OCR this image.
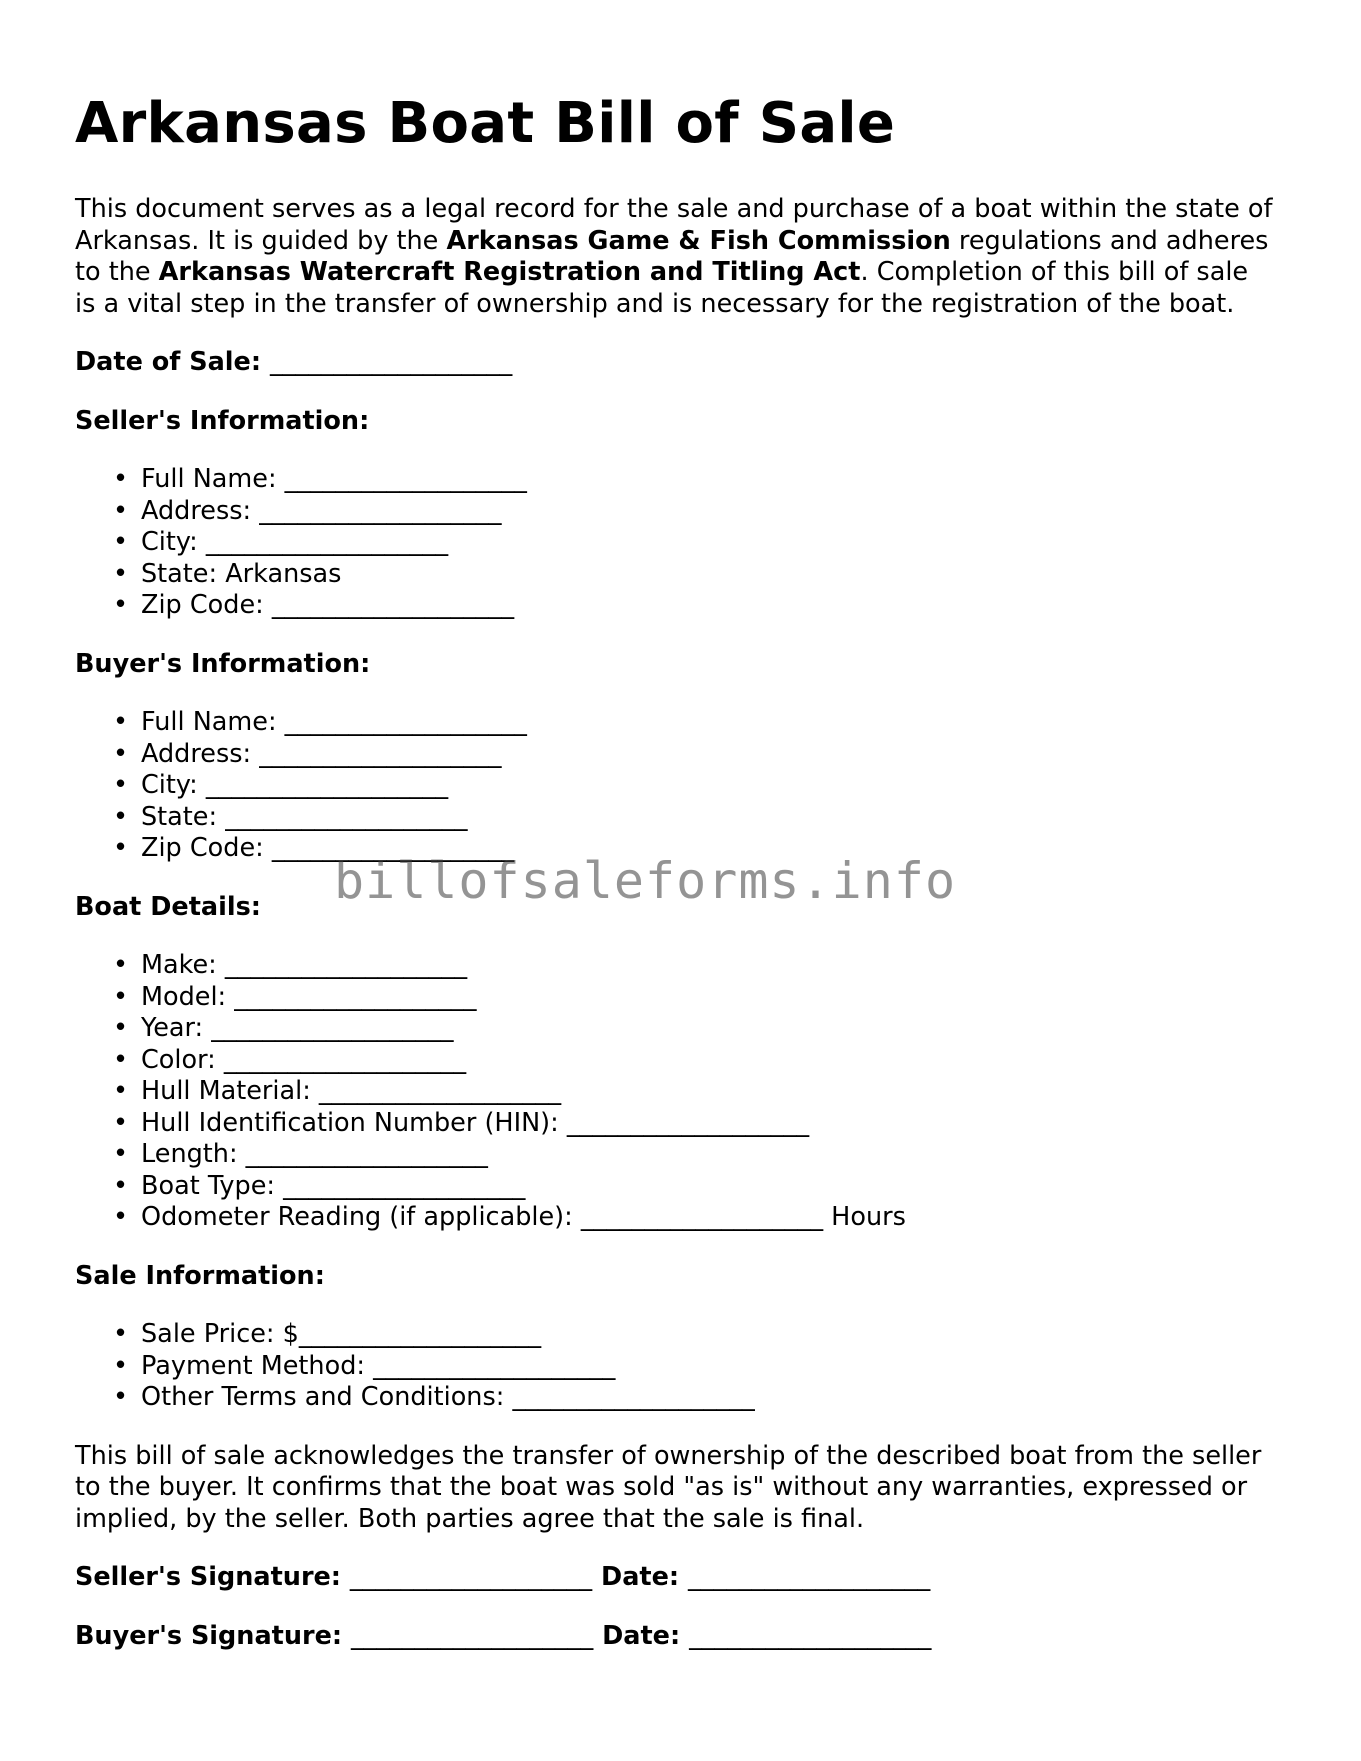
Arkansas Boat Bill of Sale

This document serves as a legal record for the sale and purchase of a boat within the state of Arkansas. It is guided by the Arkansas Game & Fish Commission regulations and adheres to the Arkansas Watercraft Registration and Titling Act. Completion of this bill of sale is a vital step in the transfer of ownership and is necessary for the registration of the boat.

Date of Sale: ___________________

Seller's Information:

• Full Name: ___________________
• Address: ___________________
• City: ___________________
• State: Arkansas
• Zip Code: ___________________

Buyer's Information:

• Full Name: ___________________
• Address: ___________________
• City: ___________________
• State: ___________________
• Zip Code: ___________________

Boat Details:

• Make: ___________________
• Model: ___________________
• Year: ___________________
• Color: ___________________
• Hull Material: ___________________
• Hull Identification Number (HIN): ___________________
• Length: ___________________
• Boat Type: ___________________
• Odometer Reading (if applicable): ___________________ Hours

Sale Information:

• Sale Price: $___________________
• Payment Method: ___________________
• Other Terms and Conditions: ___________________

This bill of sale acknowledges the transfer of ownership of the described boat from the seller to the buyer. It confirms that the boat was sold "as is" without any warranties, expressed or implied, by the seller. Both parties agree that the sale is final.

Seller's Signature: ___________________ Date: ___________________

Buyer's Signature: ___________________ Date: ___________________

billofsaleforms.info
